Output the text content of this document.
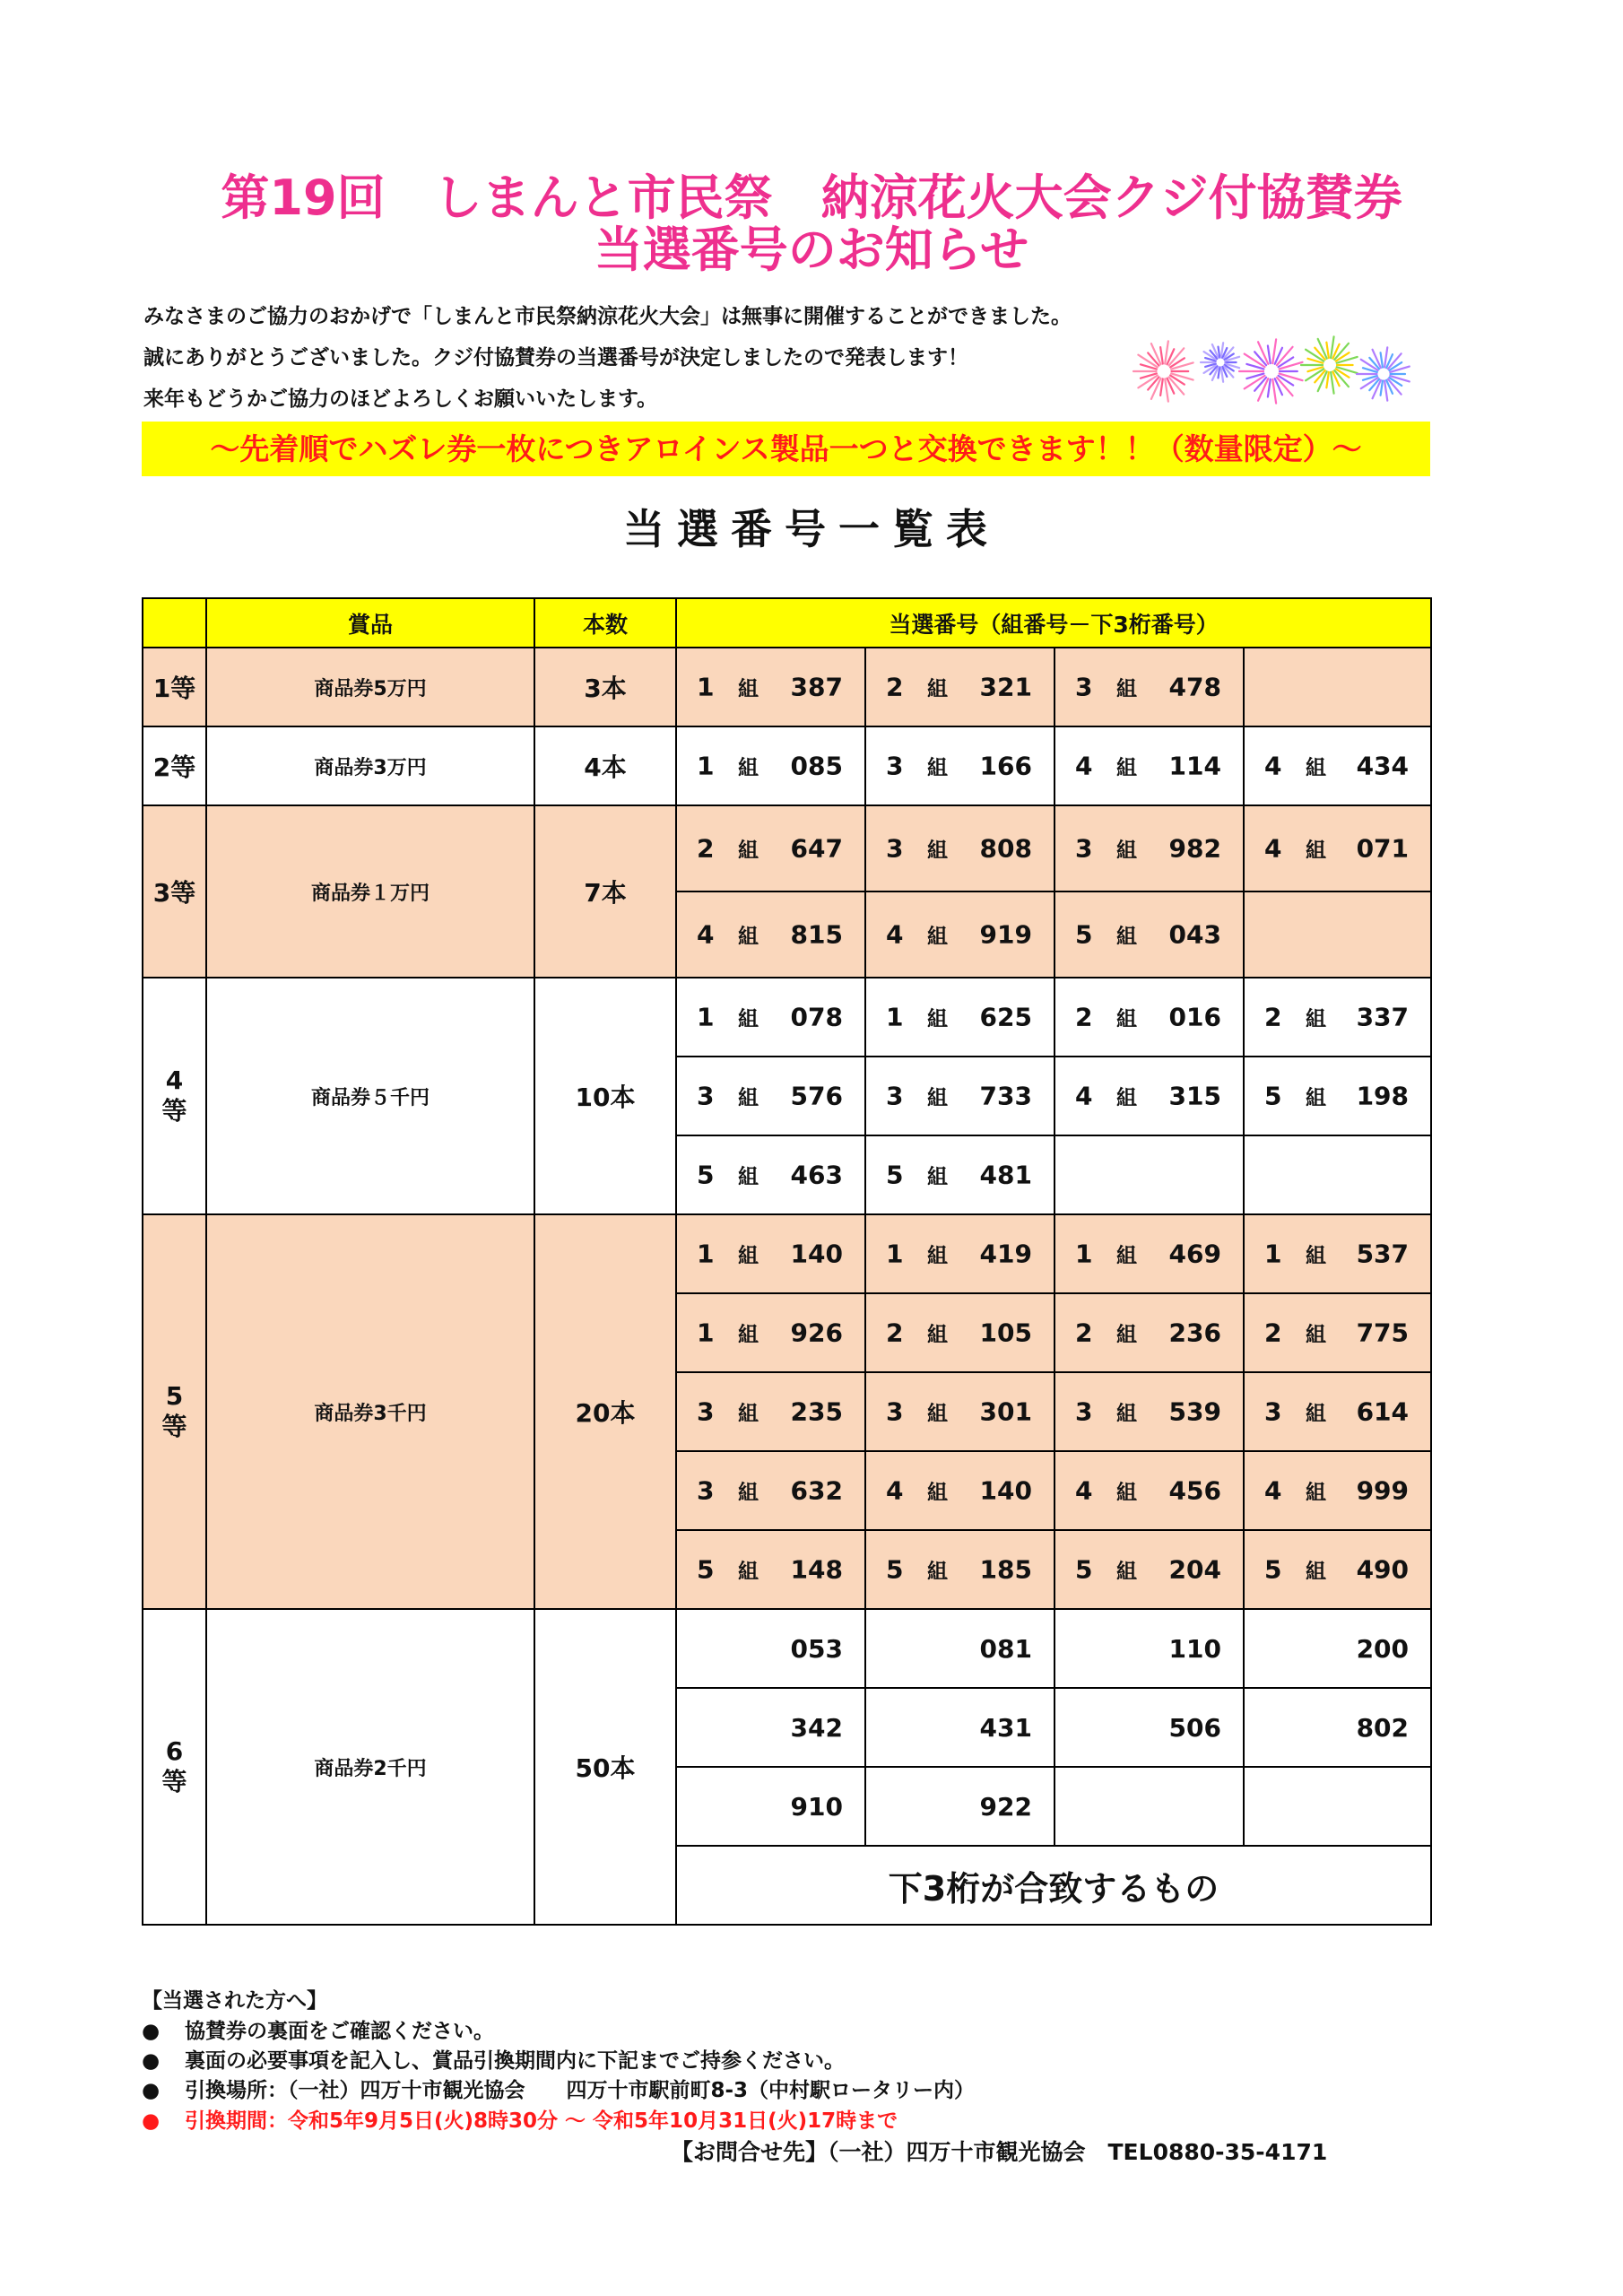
第19回　しまんと市民祭　納涼花火大会クジ付協賛券
当選番号のお知らせ
みなさまのご協力のおかげで「しまんと市民祭納涼花火大会」は無事に開催することができました。
誠にありがとうございました。クジ付協賛券の当選番号が決定しましたので発表します！
来年もどうかご協力のほどよろしくお願いいたします。
～先着順でハズレ券一枚につきアロインス製品一つと交換できます！！（数量限定）～
当選番号一覧表
	賞品	本数	当選番号（組番号－下3桁番号）			
1等	商品券5万円	3本	1 組 387	2 組 321	3 組 478	

2等	商品券3万円	4本	1 組 085	3 組 166	4 組 114	4 組 434

3等	商品券１万円	7本	2 組 647	3 組 808	3 組 982	4 組 071

			4 組 815	4 組 919	5 組 043	

4
等	商品券５千円	10本	1 組 078	1 組 625	2 組 016	2 組 337

			3 組 576	3 組 733	4 組 315	5 組 198

			5 組 463	5 組 481		

5
等	商品券3千円	20本	1 組 140	1 組 419	1 組 469	1 組 537

			1 組 926	2 組 105	2 組 236	2 組 775

			3 組 235	3 組 301	3 組 539	3 組 614

			3 組 632	4 組 140	4 組 456	4 組 999

			5 組 148	5 組 185	5 組 204	5 組 490

6
等	商品券2千円	50本	053	081	110	200
			342	431	506	802
			910	922		
			下3桁が合致するもの			
【当選された方へ】
● 協賛券の裏面をご確認ください。
● 裏面の必要事項を記入し、賞品引換期間内に下記までご持参ください。
● 引換場所：（一社）四万十市観光協会　　四万十市駅前町8-3（中村駅ロータリー内）
● 引換期間：令和5年9月5日(火)8時30分 ～ 令和5年10月31日(火)17時まで
【お問合せ先】（一社）四万十市観光協会　TEL0880-35-4171
